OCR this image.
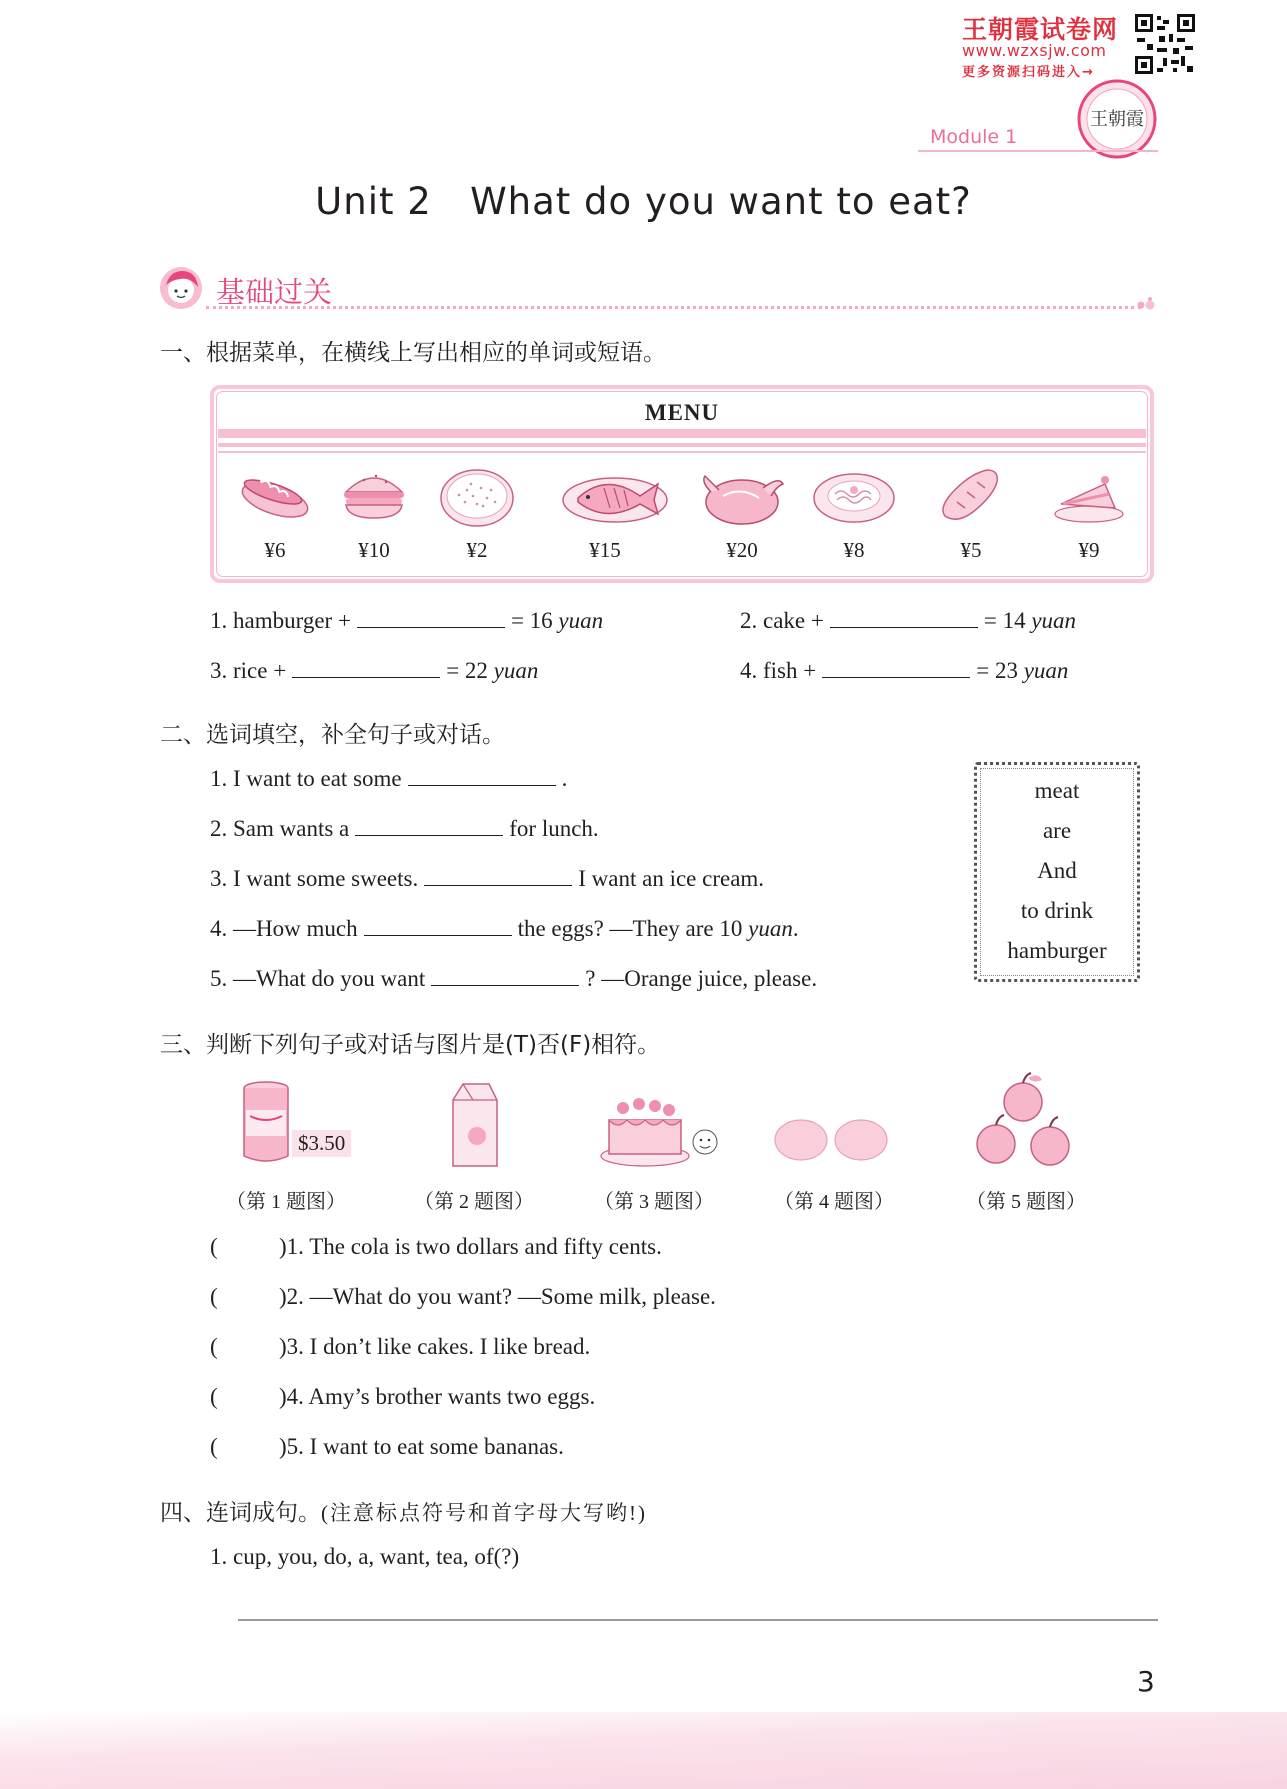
王朝霞试卷网
www.wzxsjw.com
更多资源扫码进入→
王朝霞
Module 1
Unit 2   What do you want to eat?
基础过关
一、根据菜单，在横线上写出相应的单词或短语。
MENU
¥6	¥10	¥2	¥15	¥20	¥8	¥5	¥9
1. hamburger +	= 16 yuan	2. cake +	= 14 yuan
3. rice +	= 22 yuan	4. fish +	= 23 yuan
二、选词填空，补全句子或对话。
1. I want to eat some	.
2. Sam wants a	for lunch.
3. I want some sweets.	I want an ice cream.
4. —How much	the eggs? —They are 10 yuan.
5. —What do you want	? —Orange juice, please.
meat
are
And
to drink
hamburger
三、判断下列句子或对话与图片是(T)否(F)相符。
$3.50
（第 1 题图）	（第 2 题图）	（第 3 题图）	（第 4 题图）	（第 5 题图）
(	)1. The cola is two dollars and fifty cents.
(	)2. —What do you want? —Some milk, please.
(	)3. I don’t like cakes. I like bread.
(	)4. Amy’s brother wants two eggs.
(	)5. I want to eat some bananas.
四、连词成句。(注意标点符号和首字母大写哟!)
1. cup, you, do, a, want, tea, of(?)
3
